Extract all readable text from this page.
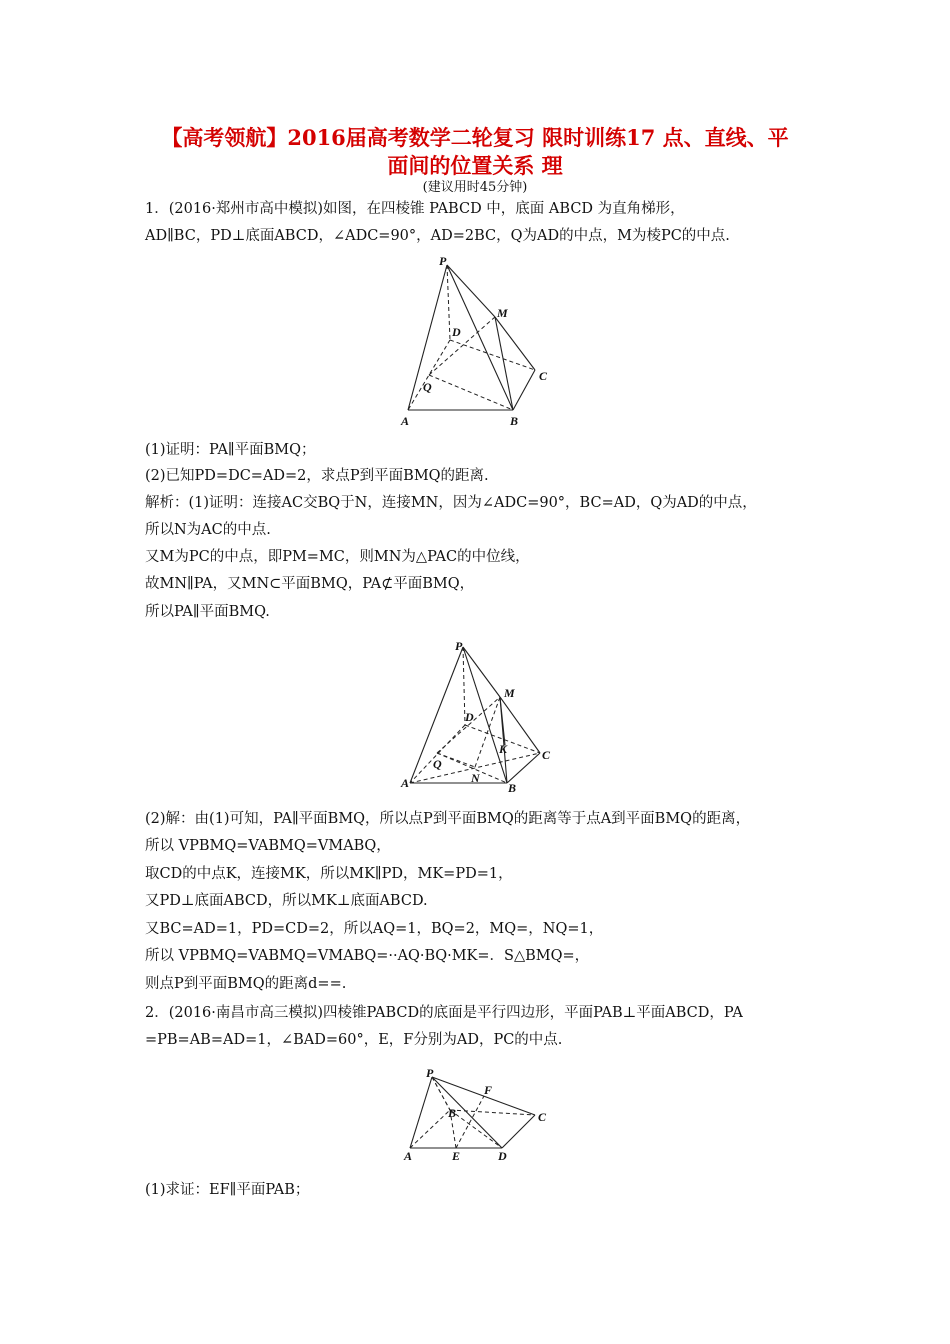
【高考领航】2016届高考数学二轮复习 限时训练17 点、直线、平
面间的位置关系 理
(建议用时45分钟)
1．(2016·郑州市高中模拟)如图，在四棱锥 PABCD 中，底面 ABCD 为直角梯形，
AD∥BC，PD⊥底面ABCD，∠ADC=90°，AD=2BC，Q为AD的中点，M为棱PC的中点.
P
M
D
C
Q
A	B
(1)证明：PA∥平面BMQ；
(2)已知PD=DC=AD=2，求点P到平面BMQ的距离.
解析：(1)证明：连接AC交BQ于N，连接MN，因为∠ADC=90°，BC=AD，Q为AD的中点，
所以N为AC的中点.
又M为PC的中点，即PM=MC，则MN为△PAC的中位线，
故MN∥PA，又MN⊂平面BMQ，PA⊄平面BMQ，
所以PA∥平面BMQ.
P
M
D
K	C
Q
N
A	B
(2)解：由(1)可知，PA∥平面BMQ，所以点P到平面BMQ的距离等于点A到平面BMQ的距离，
所以 VPBMQ=VABMQ=VMABQ，
取CD的中点K，连接MK，所以MK∥PD，MK=PD=1，
又PD⊥底面ABCD，所以MK⊥底面ABCD.
又BC=AD=1，PD=CD=2，所以AQ=1，BQ=2，MQ=，NQ=1，
所以 VPBMQ=VABMQ=VMABQ=··AQ·BQ·MK=．S△BMQ=，
则点P到平面BMQ的距离d==.
2．(2016·南昌市高三模拟)四棱锥PABCD的底面是平行四边形，平面PAB⊥平面ABCD，PA
=PB=AB=AD=1，∠BAD=60°，E，F分别为AD，PC的中点.
P
F
B	C
A	E	D
(1)求证：EF∥平面PAB；
